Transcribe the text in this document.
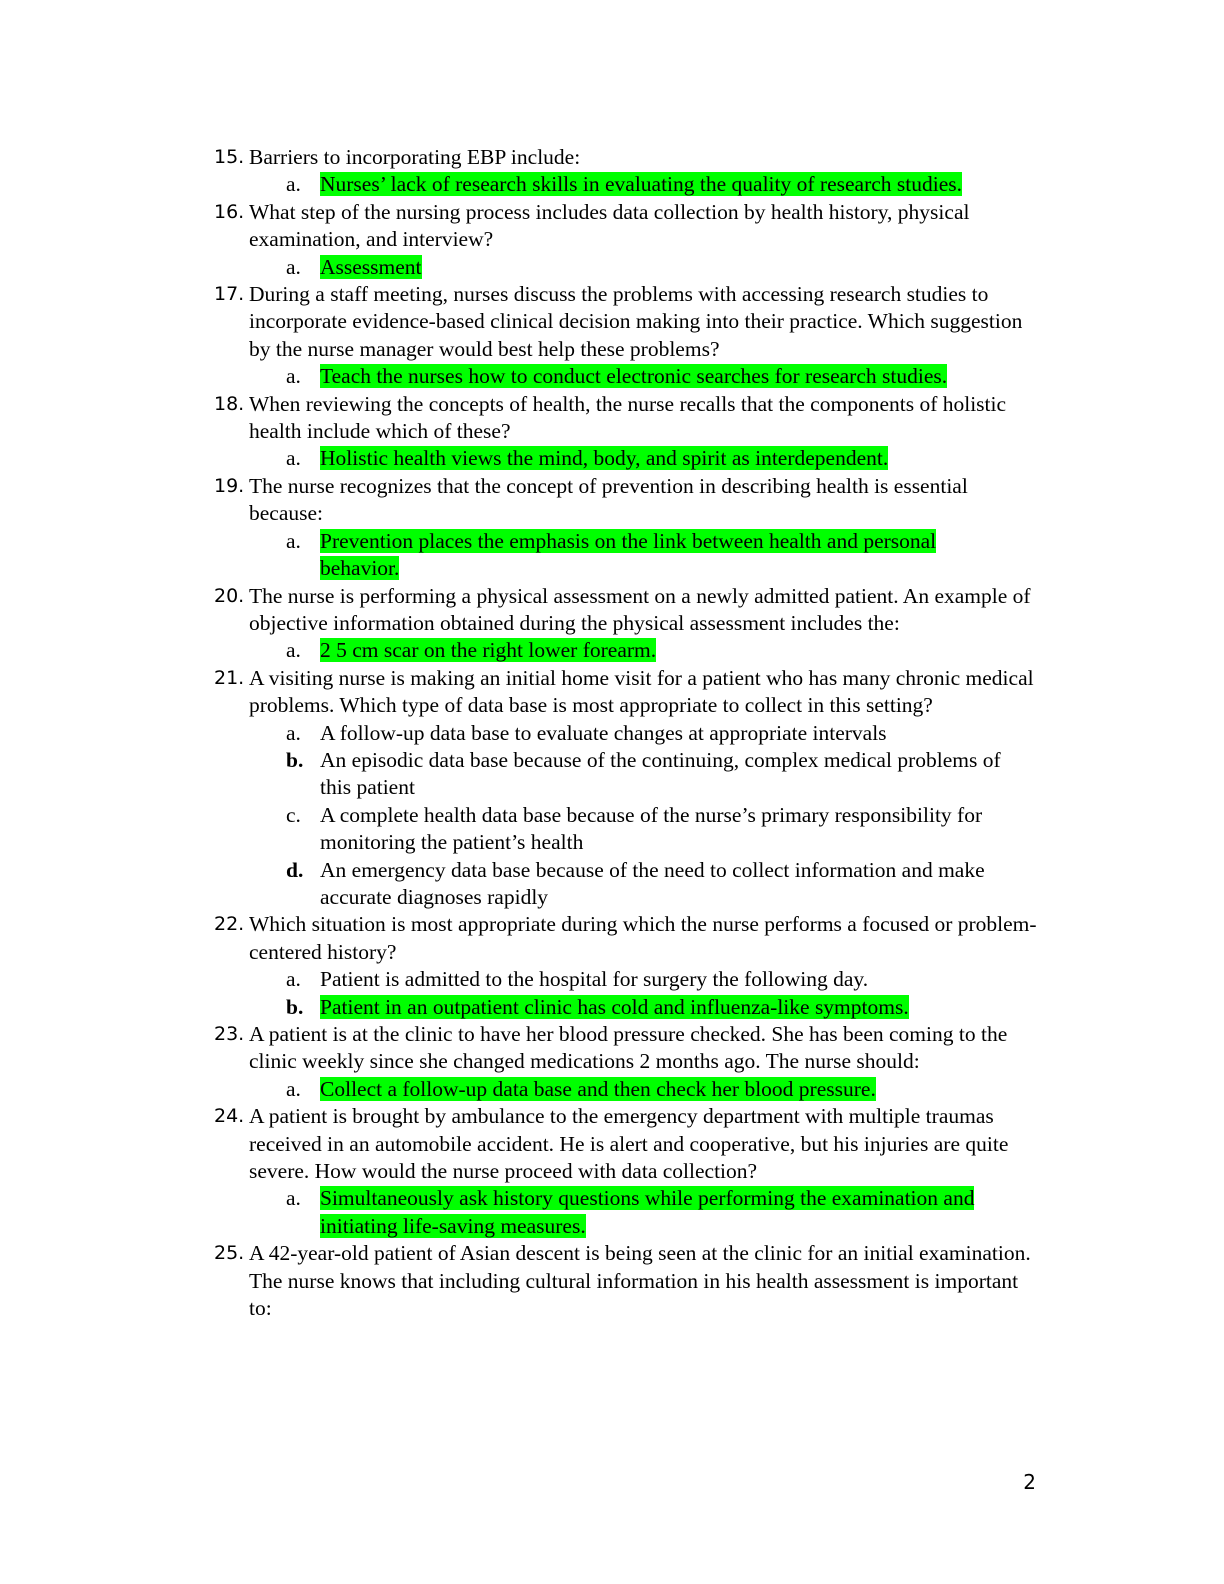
15. Barriers to incorporating EBP include:
a. Nurses’ lack of research skills in evaluating the quality of research studies.
16. What step of the nursing process includes data collection by health history, physical examination, and interview?
a. Assessment
17. During a staff meeting, nurses discuss the problems with accessing research studies to incorporate evidence-based clinical decision making into their practice. Which suggestion by the nurse manager would best help these problems?
a. Teach the nurses how to conduct electronic searches for research studies.
18. When reviewing the concepts of health, the nurse recalls that the components of holistic health include which of these?
a. Holistic health views the mind, body, and spirit as interdependent.
19. The nurse recognizes that the concept of prevention in describing health is essential because:
a. Prevention places the emphasis on the link between health and personal behavior.
20. The nurse is performing a physical assessment on a newly admitted patient. An example of objective information obtained during the physical assessment includes the:
a. 2 5 cm scar on the right lower forearm.
21. A visiting nurse is making an initial home visit for a patient who has many chronic medical problems. Which type of data base is most appropriate to collect in this setting?
a. A follow-up data base to evaluate changes at appropriate intervals
b. An episodic data base because of the continuing, complex medical problems of this patient
c. A complete health data base because of the nurse’s primary responsibility for monitoring the patient’s health
d. An emergency data base because of the need to collect information and make accurate diagnoses rapidly
22. Which situation is most appropriate during which the nurse performs a focused or problem-centered history?
a. Patient is admitted to the hospital for surgery the following day.
b. Patient in an outpatient clinic has cold and influenza-like symptoms.
23. A patient is at the clinic to have her blood pressure checked. She has been coming to the clinic weekly since she changed medications 2 months ago. The nurse should:
a. Collect a follow-up data base and then check her blood pressure.
24. A patient is brought by ambulance to the emergency department with multiple traumas received in an automobile accident. He is alert and cooperative, but his injuries are quite severe. How would the nurse proceed with data collection?
a. Simultaneously ask history questions while performing the examination and initiating life-saving measures.
25. A 42-year-old patient of Asian descent is being seen at the clinic for an initial examination. The nurse knows that including cultural information in his health assessment is important to:
2
